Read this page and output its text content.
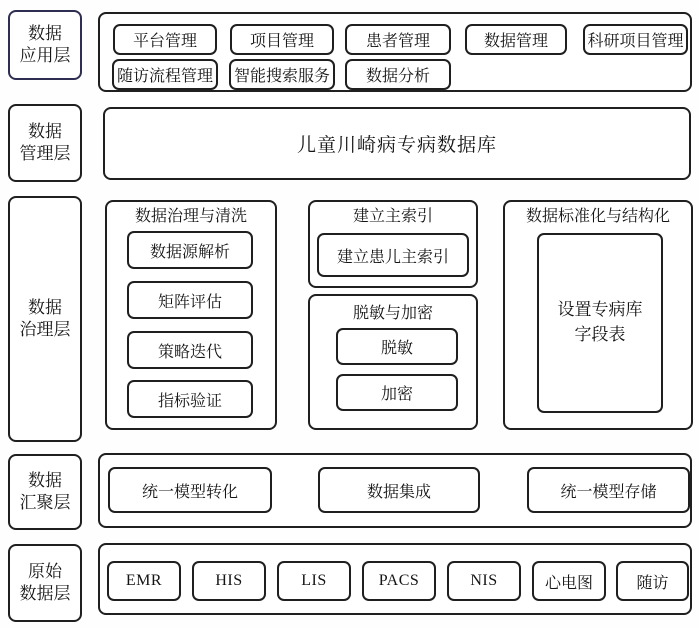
数据
应用层
数据
管理层
数据
治理层
数据
汇聚层
原始
数据层
平台管理	项目管理	患者管理	数据管理	科研项目管理
随访流程管理	智能搜索服务	数据分析
儿童川崎病专病数据库
数据治理与清洗
数据源解析
矩阵评估
策略迭代
指标验证
建立主索引
建立患儿主索引
脱敏与加密
脱敏
加密
数据标准化与结构化
设置专病库
字段表
统一模型转化	数据集成	统一模型存储
EMR	HIS	LIS	PACS	NIS	心电图	随访
